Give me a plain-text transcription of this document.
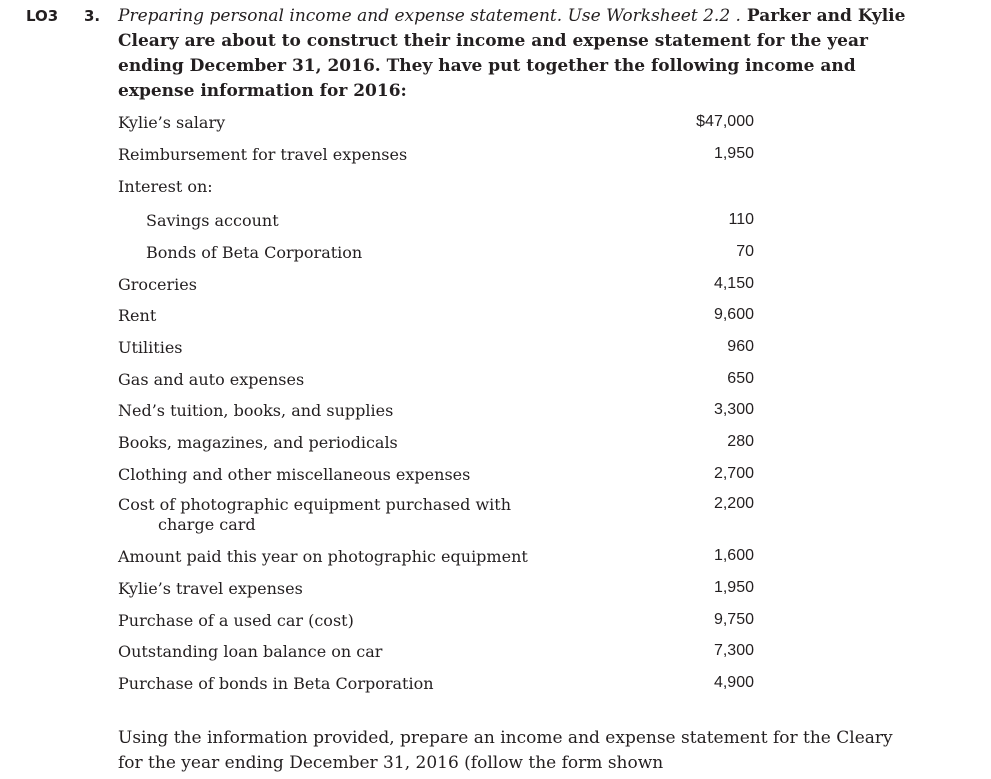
LO3 3. Preparing personal income and expense statement. Use Worksheet 2.2 . Parker and Kylie Cleary are about to construct their income and expense statement for the year ending December 31, 2016. They have put together the following income and expense information for 2016:
Kylie’s salary	$47,000
Reimbursement for travel expenses	1,950
Interest on:
Savings account	110
Bonds of Beta Corporation	70
Groceries	4,150
Rent	9,600
Utilities	960
Gas and auto expenses	650
Ned’s tuition, books, and supplies	3,300
Books, magazines, and periodicals	280
Clothing and other miscellaneous expenses	2,700
Cost of photographic equipment purchased with
charge card
2,200
Amount paid this year on photographic equipment	1,600
Kylie’s travel expenses	1,950
Purchase of a used car (cost)	9,750
Outstanding loan balance on car	7,300
Purchase of bonds in Beta Corporation	4,900
Using the information provided, prepare an income and expense statement for the Cleary for the year ending December 31, 2016 (follow the form shown
